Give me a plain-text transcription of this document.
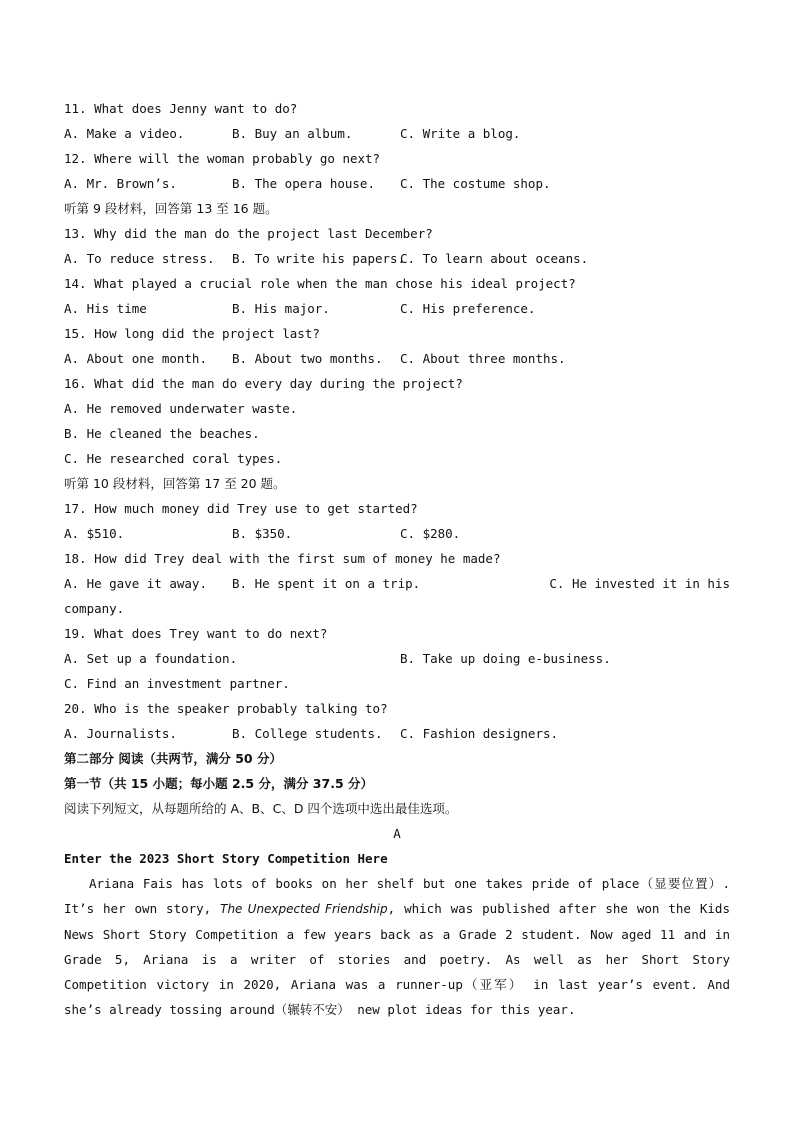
11. What does Jenny want to do?
A. Make a video.	B. Buy an album.	C. Write a blog.
12. Where will the woman probably go next?
A. Mr. Brown’s.	B. The opera house.	C. The costume shop.
听第 9 段材料，回答第 13 至 16 题。
13. Why did the man do the project last December?
A. To reduce stress.	B. To write his papers.
C. To learn about oceans.
14. What played a crucial role when the man chose his ideal project?
A. His time	B. His major.	C. His preference.
15. How long did the project last?
A. About one month.	B. About two months.	C. About three months.
16. What did the man do every day during the project?
A. He removed underwater waste.
B. He cleaned the beaches.
C. He researched coral types.
听第 10 段材料，回答第 17 至 20 题。
17. How much money did Trey use to get started?
A. $510.	B. $350.	C. $280.
18. How did Trey deal with the first sum of money he made?
A. He gave it away.	B. He spent it on a trip.	C. He invested it in his
company.
19. What does Trey want to do next?
A. Set up a foundation.	B. Take up doing e-business.
C. Find an investment partner.
20. Who is the speaker probably talking to?
A. Journalists.	B. College students.	C. Fashion designers.
第二部分 阅读（共两节，满分 50 分）
第一节（共 15 小题；每小题 2.5 分，满分 37.5 分）
阅读下列短文，从每题所给的 A、B、C、D 四个选项中选出最佳选项。
A
Enter the 2023 Short Story Competition Here
Ariana Fais has lots of books on her shelf but one takes pride of place（显要位置）. It’s her own story, The Unexpected Friendship, which was published after she won the Kids News Short Story Competition a few years back as a Grade 2 student. Now aged 11 and in Grade 5, Ariana is a writer of stories and poetry. As well as her Short Story Competition victory in 2020, Ariana was a runner-up（亚军） in last year’s event. And she’s already tossing around（辗转不安） new plot ideas for this year.
